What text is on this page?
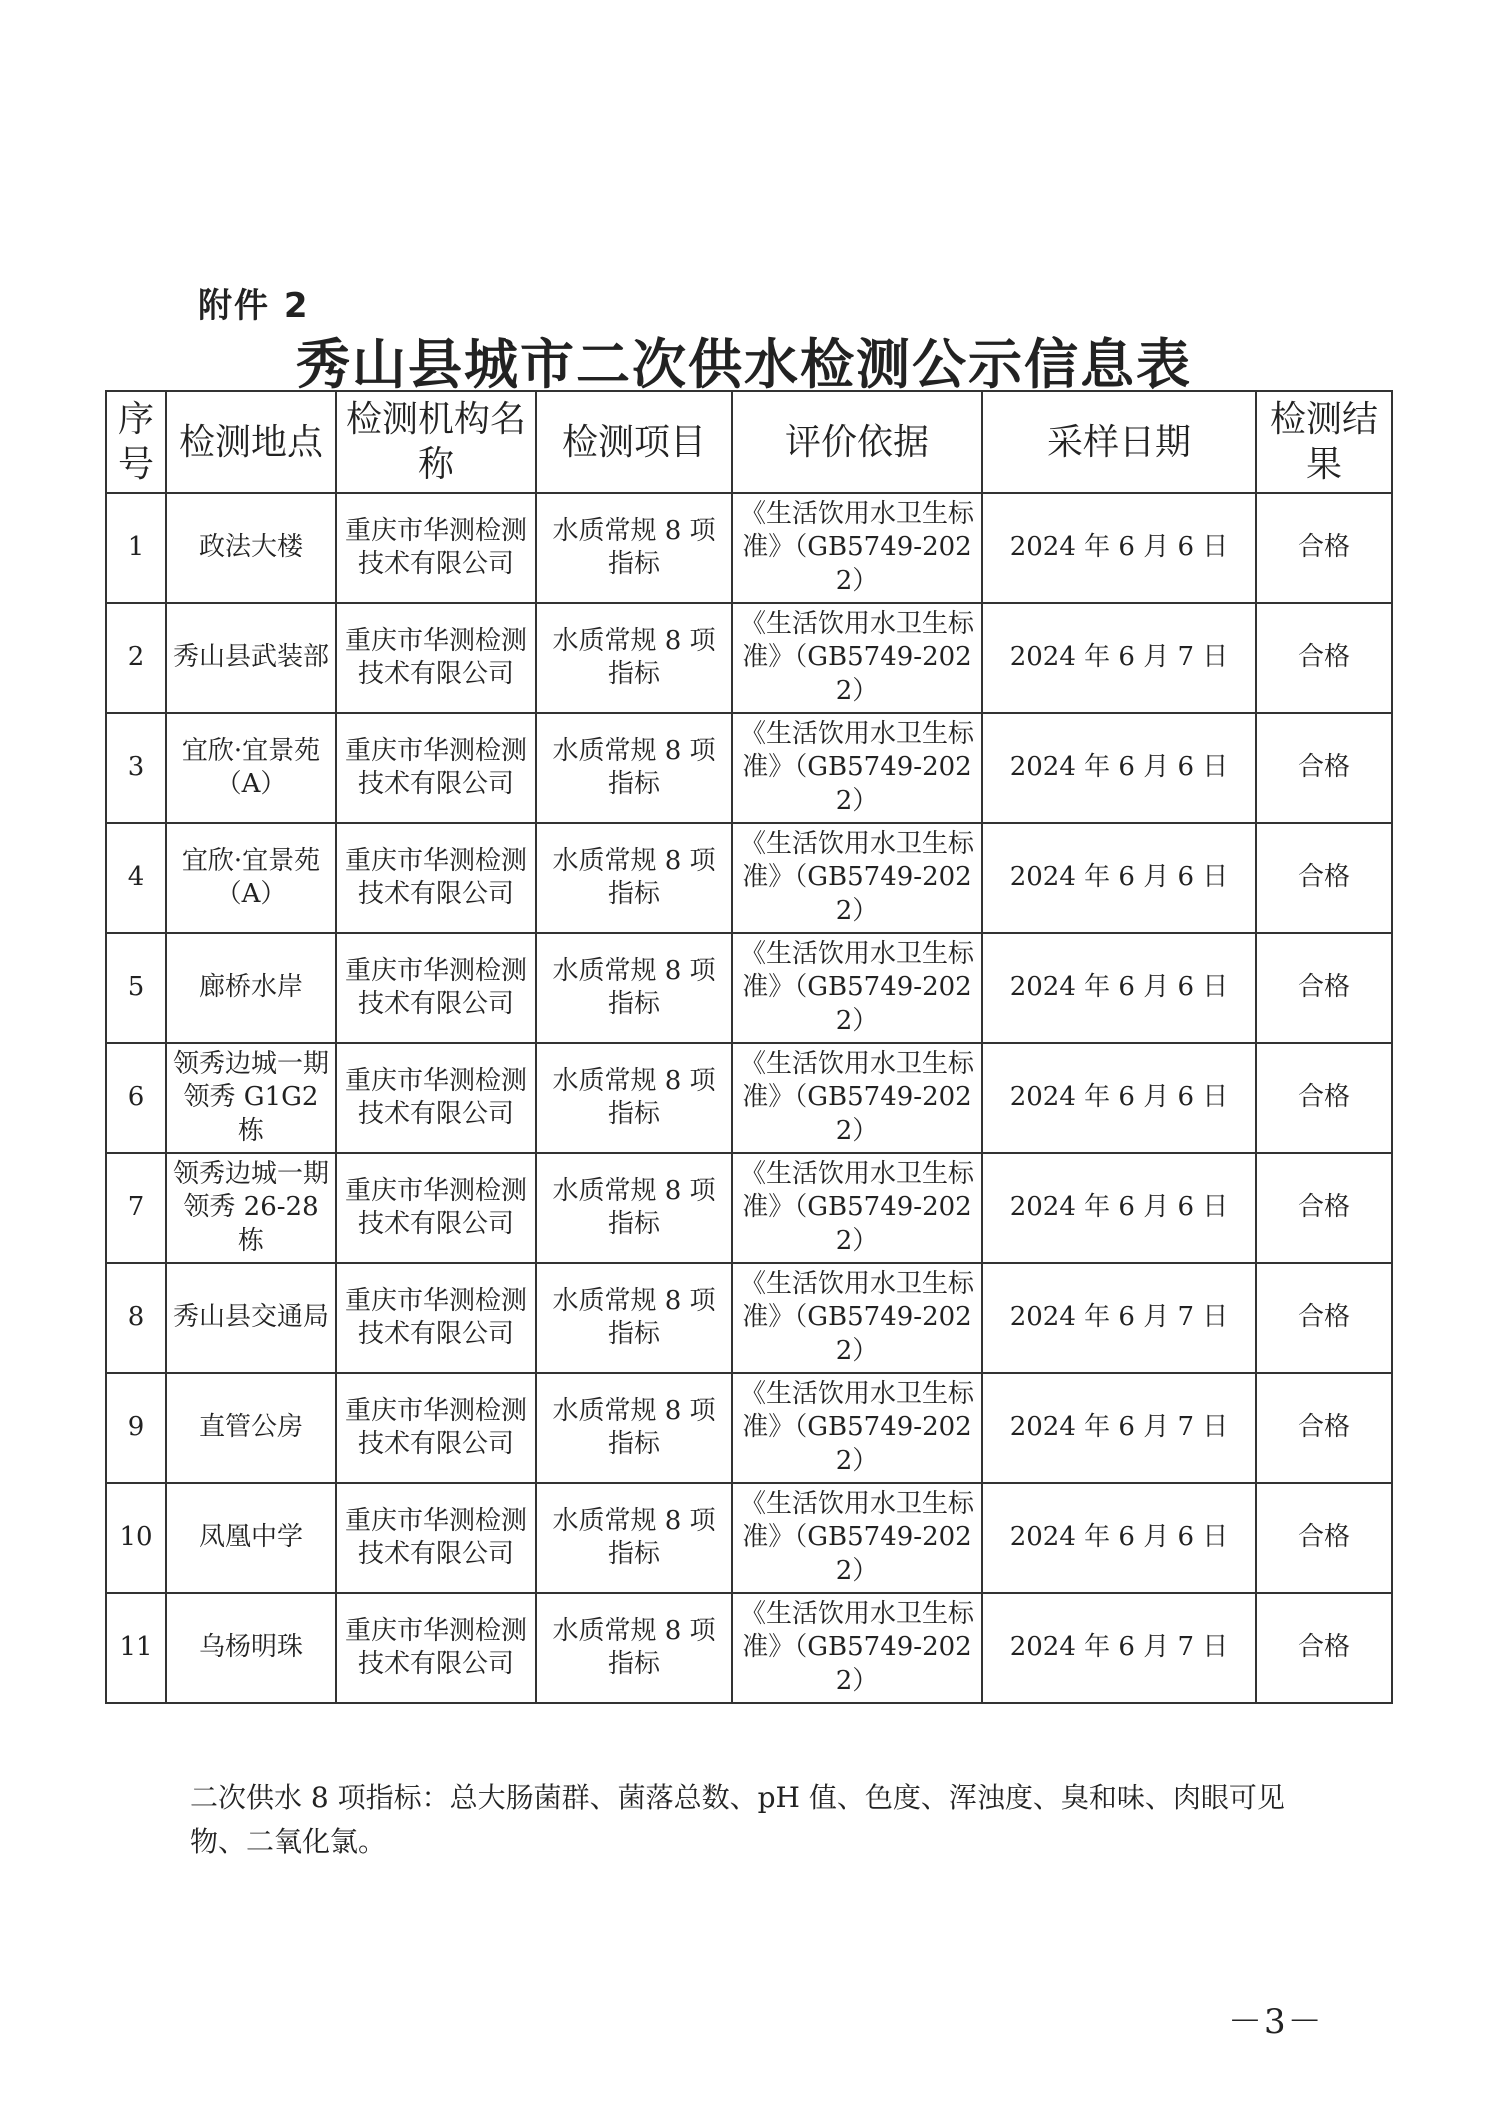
附件 2
秀山县城市二次供水检测公示信息表
序号	检测地点	检测机构名称	检测项目	评价依据	采样日期	检测结果
1	政法大楼	重庆市华测检测技术有限公司	水质常规 8 项指标	《生活饮用水卫生标准》（GB5749-2022）	2024 年 6 月 6 日	合格
2	秀山县武装部	重庆市华测检测技术有限公司	水质常规 8 项指标	《生活饮用水卫生标准》（GB5749-2022）	2024 年 6 月 7 日	合格
3	宜欣·宜景苑（A）	重庆市华测检测技术有限公司	水质常规 8 项指标	《生活饮用水卫生标准》（GB5749-2022）	2024 年 6 月 6 日	合格
4	宜欣·宜景苑（A）	重庆市华测检测技术有限公司	水质常规 8 项指标	《生活饮用水卫生标准》（GB5749-2022）	2024 年 6 月 6 日	合格
5	廊桥水岸	重庆市华测检测技术有限公司	水质常规 8 项指标	《生活饮用水卫生标准》（GB5749-2022）	2024 年 6 月 6 日	合格
6	领秀边城一期领秀 G1G2 栋	重庆市华测检测技术有限公司	水质常规 8 项指标	《生活饮用水卫生标准》（GB5749-2022）	2024 年 6 月 6 日	合格
7	领秀边城一期领秀 26-28 栋	重庆市华测检测技术有限公司	水质常规 8 项指标	《生活饮用水卫生标准》（GB5749-2022）	2024 年 6 月 6 日	合格
8	秀山县交通局	重庆市华测检测技术有限公司	水质常规 8 项指标	《生活饮用水卫生标准》（GB5749-2022）	2024 年 6 月 7 日	合格
9	直管公房	重庆市华测检测技术有限公司	水质常规 8 项指标	《生活饮用水卫生标准》（GB5749-2022）	2024 年 6 月 7 日	合格
10	凤凰中学	重庆市华测检测技术有限公司	水质常规 8 项指标	《生活饮用水卫生标准》（GB5749-2022）	2024 年 6 月 6 日	合格
11	乌杨明珠	重庆市华测检测技术有限公司	水质常规 8 项指标	《生活饮用水卫生标准》（GB5749-2022）	2024 年 6 月 7 日	合格
二次供水 8 项指标：总大肠菌群、菌落总数、pH 值、色度、浑浊度、臭和味、肉眼可见物、二氧化氯。
－3－
